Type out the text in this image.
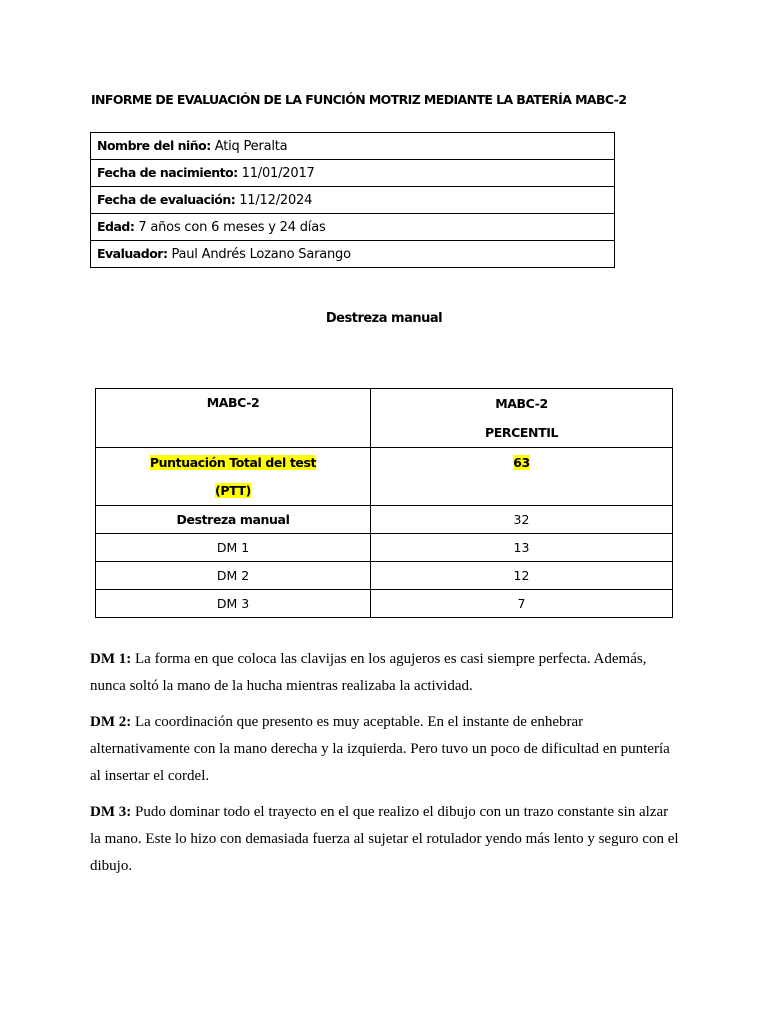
INFORME DE EVALUACIÓN DE LA FUNCIÓN MOTRIZ MEDIANTE LA BATERÍA MABC-2
Nombre del niño: Atiq Peralta
Fecha de nacimiento: 11/01/2017
Fecha de evaluación: 11/12/2024
Edad: 7 años con 6 meses y 24 días
Evaluador: Paul Andrés Lozano Sarango
Destreza manual
MABC-2	MABC-2
PERCENTIL

Puntuación Total del test
(PTT)	63

Destreza manual	32
DM 1	13
DM 2	12
DM 3	7

DM 1: La forma en que coloca las clavijas en los agujeros es casi siempre perfecta. Además, nunca soltó la mano de la hucha mientras realizaba la actividad.

DM 2: La coordinación que presento es muy aceptable. En el instante de enhebrar alternativamente con la mano derecha y la izquierda. Pero tuvo un poco de dificultad en puntería al insertar el cordel.

DM 3: Pudo dominar todo el trayecto en el que realizo el dibujo con un trazo constante sin alzar la mano. Este lo hizo con demasiada fuerza al sujetar el rotulador yendo más lento y seguro con el dibujo.
